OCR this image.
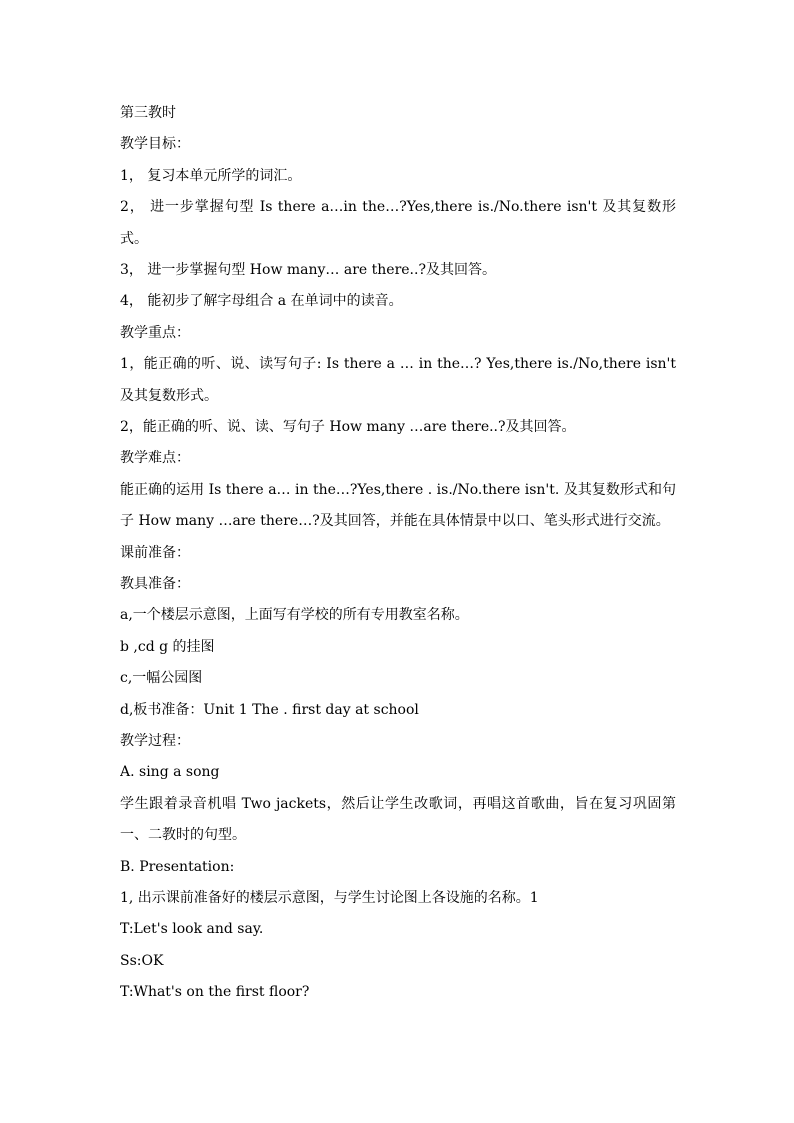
第三教时
教学目标：
1， 复习本单元所学的词汇。
2， 进一步掌握句型 Is there a…in the…?Yes,there is./No.there isn't 及其复数形式。
3， 进一步掌握句型 How many… are there..?及其回答。
4， 能初步了解字母组合 a 在单词中的读音。
教学重点：
1，能正确的听、说、读写句子: Is there a … in the…? Yes,there is./No,there isn't 及其复数形式。
2，能正确的听、说、读、写句子 How many …are there..?及其回答。
教学难点：
能正确的运用 Is there a… in the…?Yes,there . is./No.there isn't. 及其复数形式和句子 How many …are there…?及其回答，并能在具体情景中以口、笔头形式进行交流。
课前准备：
教具准备：
a,一个楼层示意图，上面写有学校的所有专用教室名称。
b ,cd g 的挂图
c,一幅公园图
d,板书准备：Unit 1 The . first day at school
教学过程：
A. sing a song
学生跟着录音机唱 Two jackets，然后让学生改歌词，再唱这首歌曲，旨在复习巩固第一、二教时的句型。
B. Presentation:
1, 出示课前准备好的楼层示意图，与学生讨论图上各设施的名称。1
T:Let's look and say.
Ss:OK
T:What's on the first floor?
